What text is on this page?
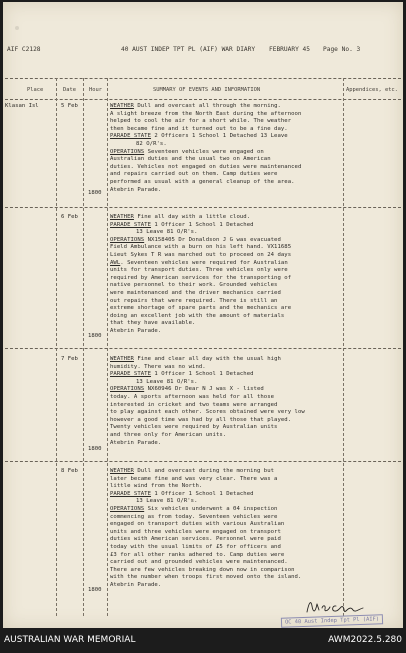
AIF C2128	40 AUST INDEP TPT PL (AIF) WAR DIARY FEBRUARY 45 Page No. 3
Place	Date Hour	SUMMARY OF EVENTS AND INFORMATION	Appendices, etc.
Klasan Isl	5 Feb
1800
WEATHER Dull and overcast all through the morning.
A slight breeze from the North East during the afternoon
helped to cool the air for a short while. The weather
then became fine and it turned out to be a fine day.
PARADE STATE 2 Officers 1 School 1 Detached 13 Leave
82 O/R's.
OPERATIONS Seventeen vehicles were engaged on
Australian duties and the usual two on American
duties. Vehicles not engaged on duties were maintenanced
and repairs carried out on them. Camp duties were
performed as usual with a general cleanup of the area.
Atebrin Parade.
6 Feb
1800
WEATHER Fine all day with a little cloud.
PARADE STATE 1 Officer 1 School 1 Detached
13 Leave 81 O/R's.
OPERATIONS NX158405 Dr Donaldson J G was evacuated
Field Ambulance with a burn on his left hand. VX11685
Lieut Sykes T R was marched out to proceed on 24 days
AWL. Seventeen vehicles were required for Australian
units for transport duties. Three vehicles only were
required by American services for the transporting of
native personnel to their work. Grounded vehicles
were maintenanced and the driver mechanics carried
out repairs that were required. There is still an
extreme shortage of spare parts and the mechanics are
doing an excellent job with the amount of materials
that they have available.
Atebrin Parade.
7 Feb
1800
WEATHER Fine and clear all day with the usual high
humidity. There was no wind.
PARADE STATE 1 Officer 1 School 1 Detached
13 Leave 81 O/R's.
OPERATIONS NX60946 Dr Dear N J was X - listed
today. A sports afternoon was held for all those
interested in cricket and two teams were arranged
to play against each other. Scores obtained were very low
however a good time was had by all those that played.
Twenty vehicles were required by Australian units
and three only for American units.
Atebrin Parade.
8 Feb
1800
WEATHER Dull and overcast during the morning but
later became fine and was very clear. There was a
little wind from the North.
PARADE STATE 1 Officer 1 School 1 Detached
13 Leave 81 O/R's.
OPERATIONS Six vehicles underwent a 04 inspection
commencing as from today. Seventeen vehicles were
engaged on transport duties with various Australian
units and three vehicles were engaged on transport
duties with American services. Personnel were paid
today with the usual limits of £5 for officers and
£3 for all other ranks adhered to. Camp duties were
carried out and grounded vehicles were maintenanced.
There are few vehicles breaking down now in comparison
with the number when troops first moved onto the island.
Atebrin Parade.
OC 40 Aust Indep Tpt Pl (AIF)
AUSTRALIAN WAR MEMORIAL	AWM2022.5.280
